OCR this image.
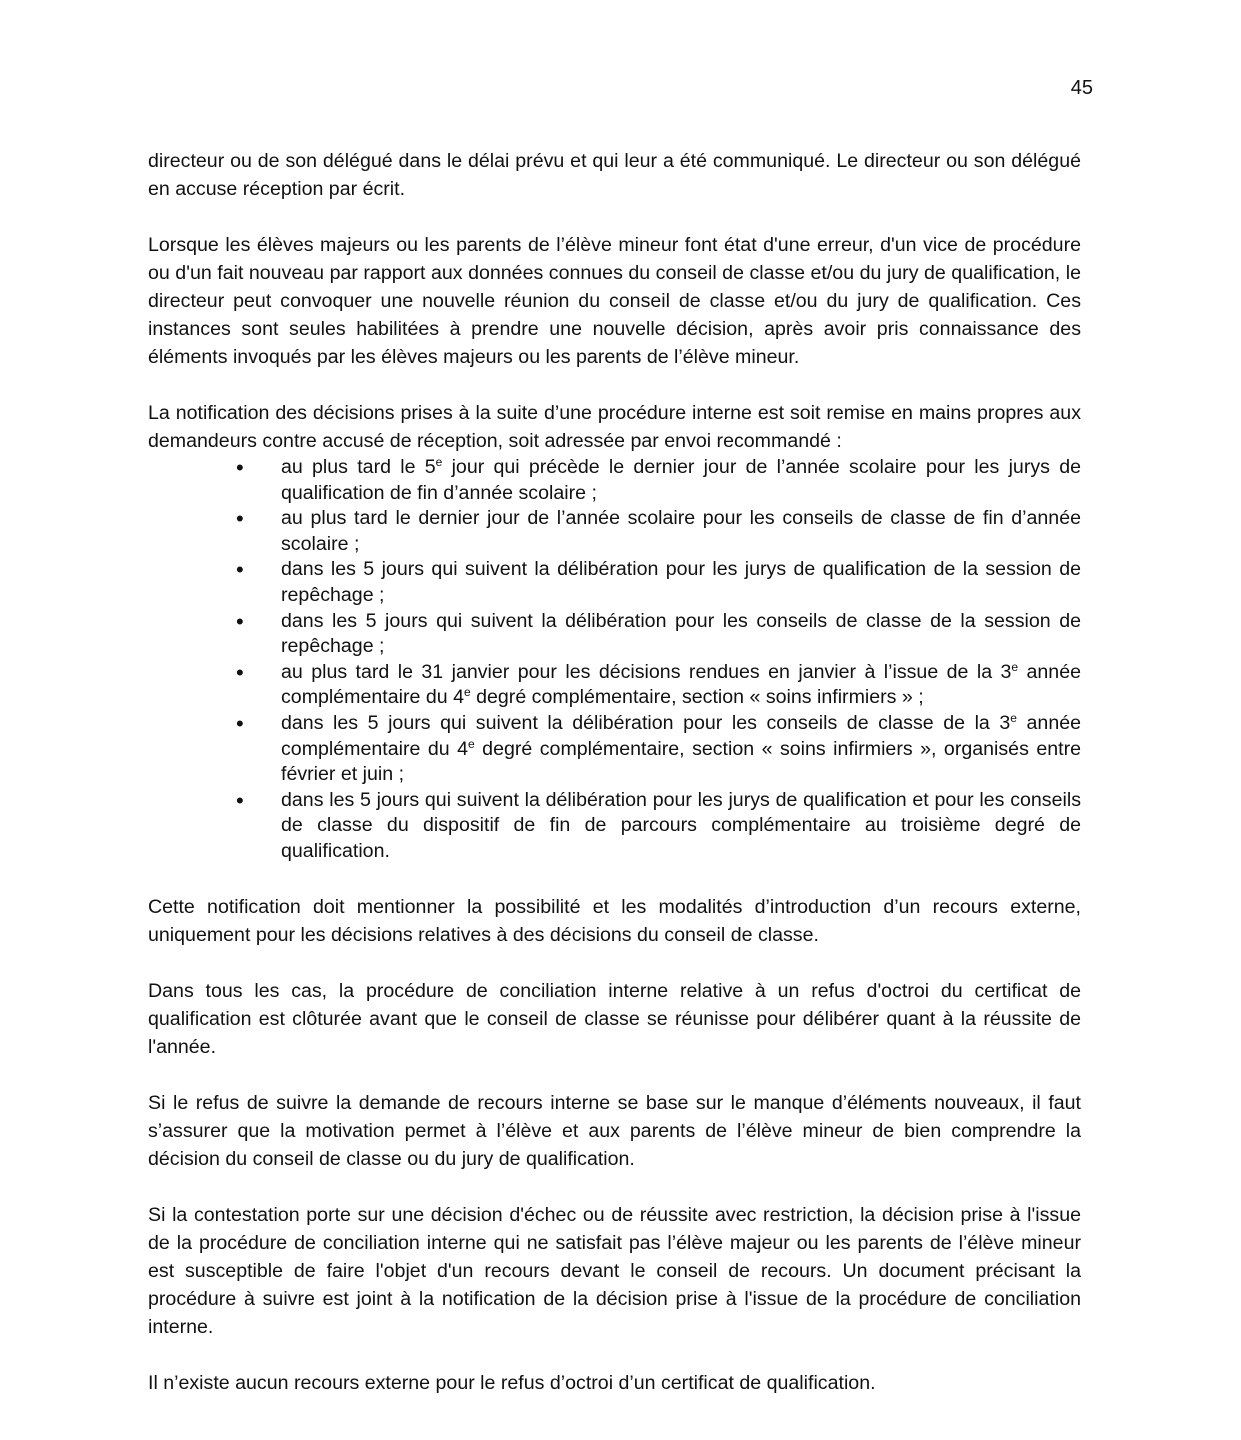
45

directeur ou de son délégué dans le délai prévu et qui leur a été communiqué. Le directeur ou son délégué en accuse réception par écrit.

Lorsque les élèves majeurs ou les parents de l’élève mineur font état d'une erreur, d'un vice de procédure ou d'un fait nouveau par rapport aux données connues du conseil de classe et/ou du jury de qualification, le directeur peut convoquer une nouvelle réunion du conseil de classe et/ou du jury de qualification. Ces instances sont seules habilitées à prendre une nouvelle décision, après avoir pris connaissance des éléments invoqués par les élèves majeurs ou les parents de l’élève mineur.

La notification des décisions prises à la suite d’une procédure interne est soit remise en mains propres aux demandeurs contre accusé de réception, soit adressée par envoi recommandé :

• au plus tard le 5e jour qui précède le dernier jour de l’année scolaire pour les jurys de qualification de fin d’année scolaire ;
• au plus tard le dernier jour de l’année scolaire pour les conseils de classe de fin d’année scolaire ;
• dans les 5 jours qui suivent la délibération pour les jurys de qualification de la session de repêchage ;
• dans les 5 jours qui suivent la délibération pour les conseils de classe de la session de repêchage ;
• au plus tard le 31 janvier pour les décisions rendues en janvier à l’issue de la 3e année complémentaire du 4e degré complémentaire, section « soins infirmiers » ;
• dans les 5 jours qui suivent la délibération pour les conseils de classe de la 3e année complémentaire du 4e degré complémentaire, section « soins infirmiers », organisés entre février et juin ;
• dans les 5 jours qui suivent la délibération pour les jurys de qualification et pour les conseils de classe du dispositif de fin de parcours complémentaire au troisième degré de qualification.

Cette notification doit mentionner la possibilité et les modalités d’introduction d’un recours externe, uniquement pour les décisions relatives à des décisions du conseil de classe.

Dans tous les cas, la procédure de conciliation interne relative à un refus d'octroi du certificat de qualification est clôturée avant que le conseil de classe se réunisse pour délibérer quant à la réussite de l'année.

Si le refus de suivre la demande de recours interne se base sur le manque d’éléments nouveaux, il faut s’assurer que la motivation permet à l’élève et aux parents de l’élève mineur de bien comprendre la décision du conseil de classe ou du jury de qualification.

Si la contestation porte sur une décision d'échec ou de réussite avec restriction, la décision prise à l'issue de la procédure de conciliation interne qui ne satisfait pas l’élève majeur ou les parents de l’élève mineur est susceptible de faire l'objet d'un recours devant le conseil de recours. Un document précisant la procédure à suivre est joint à la notification de la décision prise à l'issue de la procédure de conciliation interne.

Il n’existe aucun recours externe pour le refus d’octroi d’un certificat de qualification.
